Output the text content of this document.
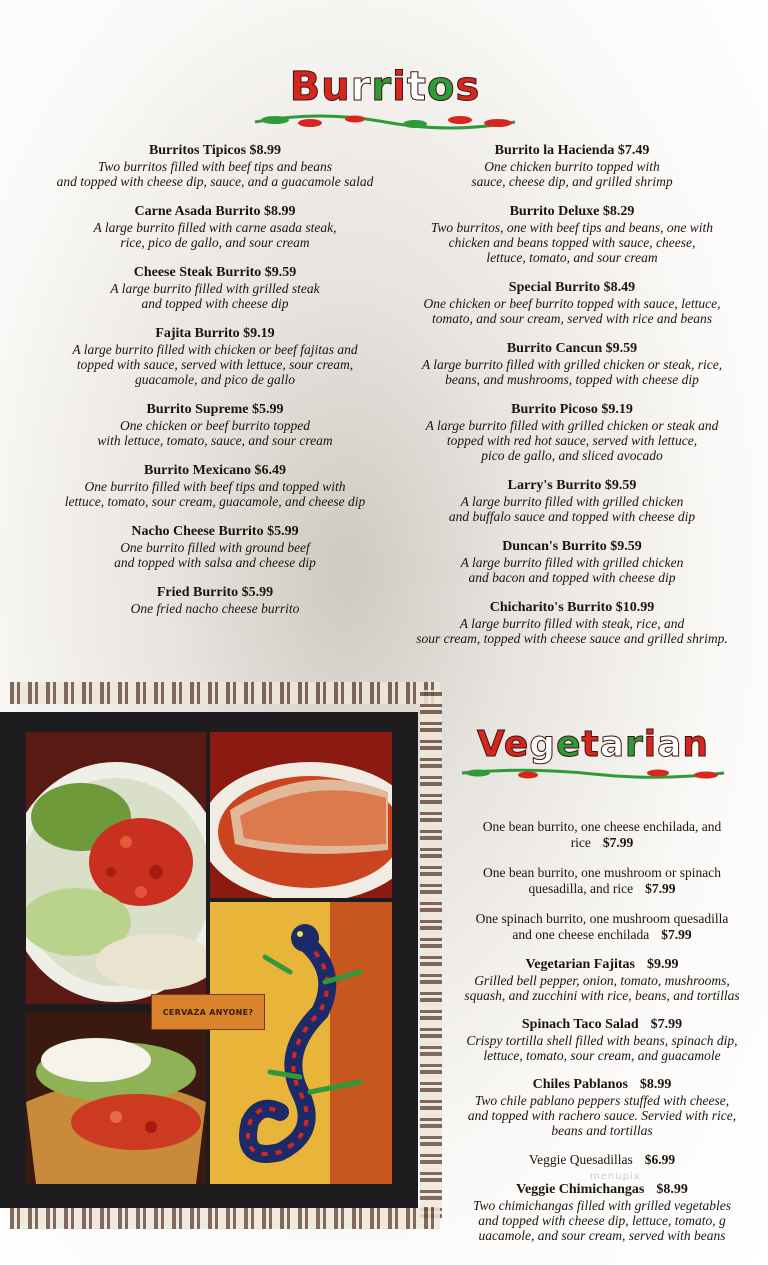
Burritos
Burritos Tipicos $8.99
Two burritos filled with beef tips and beans
and topped with cheese dip, sauce, and a guacamole salad
Carne Asada Burrito $8.99
A large burrito filled with carne asada steak,
rice, pico de gallo, and sour cream
Cheese Steak Burrito $9.59
A large burrito filled with grilled steak
and topped with cheese dip
Fajita Burrito $9.19
A large burrito filled with chicken or beef fajitas and
topped with sauce, served with lettuce, sour cream,
guacamole, and pico de gallo
Burrito Supreme $5.99
One chicken or beef burrito topped
with lettuce, tomato, sauce, and sour cream
Burrito Mexicano $6.49
One burrito filled with beef tips and topped with
lettuce, tomato, sour cream, guacamole, and cheese dip
Nacho Cheese Burrito $5.99
One burrito filled with ground beef
and topped with salsa and cheese dip
Fried Burrito $5.99
One fried nacho cheese burrito
Burrito la Hacienda $7.49
One chicken burrito topped with
sauce, cheese dip, and grilled shrimp
Burrito Deluxe $8.29
Two burritos, one with beef tips and beans, one with
chicken and beans topped with sauce, cheese,
lettuce, tomato, and sour cream
Special Burrito $8.49
One chicken or beef burrito topped with sauce, lettuce,
tomato, and sour cream, served with rice and beans
Burrito Cancun $9.59
A large burrito filled with grilled chicken or steak, rice,
beans, and mushrooms, topped with cheese dip
Burrito Picoso $9.19
A large burrito filled with grilled chicken or steak and
topped with red hot sauce, served with lettuce,
pico de gallo, and sliced avocado
Larry's Burrito $9.59
A large burrito filled with grilled chicken
and buffalo sauce and topped with cheese dip
Duncan's Burrito $9.59
A large burrito filled with grilled chicken
and bacon and topped with cheese dip
Chicharito's Burrito $10.99
A large burrito filled with steak, rice, and
sour cream, topped with cheese sauce and grilled shrimp.
CERVAZA ANYONE?
Vegetarian
One bean burrito, one cheese enchilada, and
rice $7.99
One bean burrito, one mushroom or spinach
quesadilla, and rice $7.99
One spinach burrito, one mushroom quesadilla
and one cheese enchilada $7.99
Vegetarian Fajitas $9.99
Grilled bell pepper, onion, tomato, mushrooms,
squash, and zucchini with rice, beans, and tortillas
Spinach Taco Salad $7.99
Crispy tortilla shell filled with beans, spinach dip,
lettuce, tomato, sour cream, and guacamole
Chiles Pablanos $8.99
Two chile pablano peppers stuffed with cheese,
and topped with rachero sauce. Servied with rice,
beans and tortillas
Veggie Quesadillas $6.99
Veggie Chimichangas $8.99
Two chimichangas filled with grilled vegetables
and topped with cheese dip, lettuce, tomato, g
uacamole, and sour cream, served with beans
menupix
